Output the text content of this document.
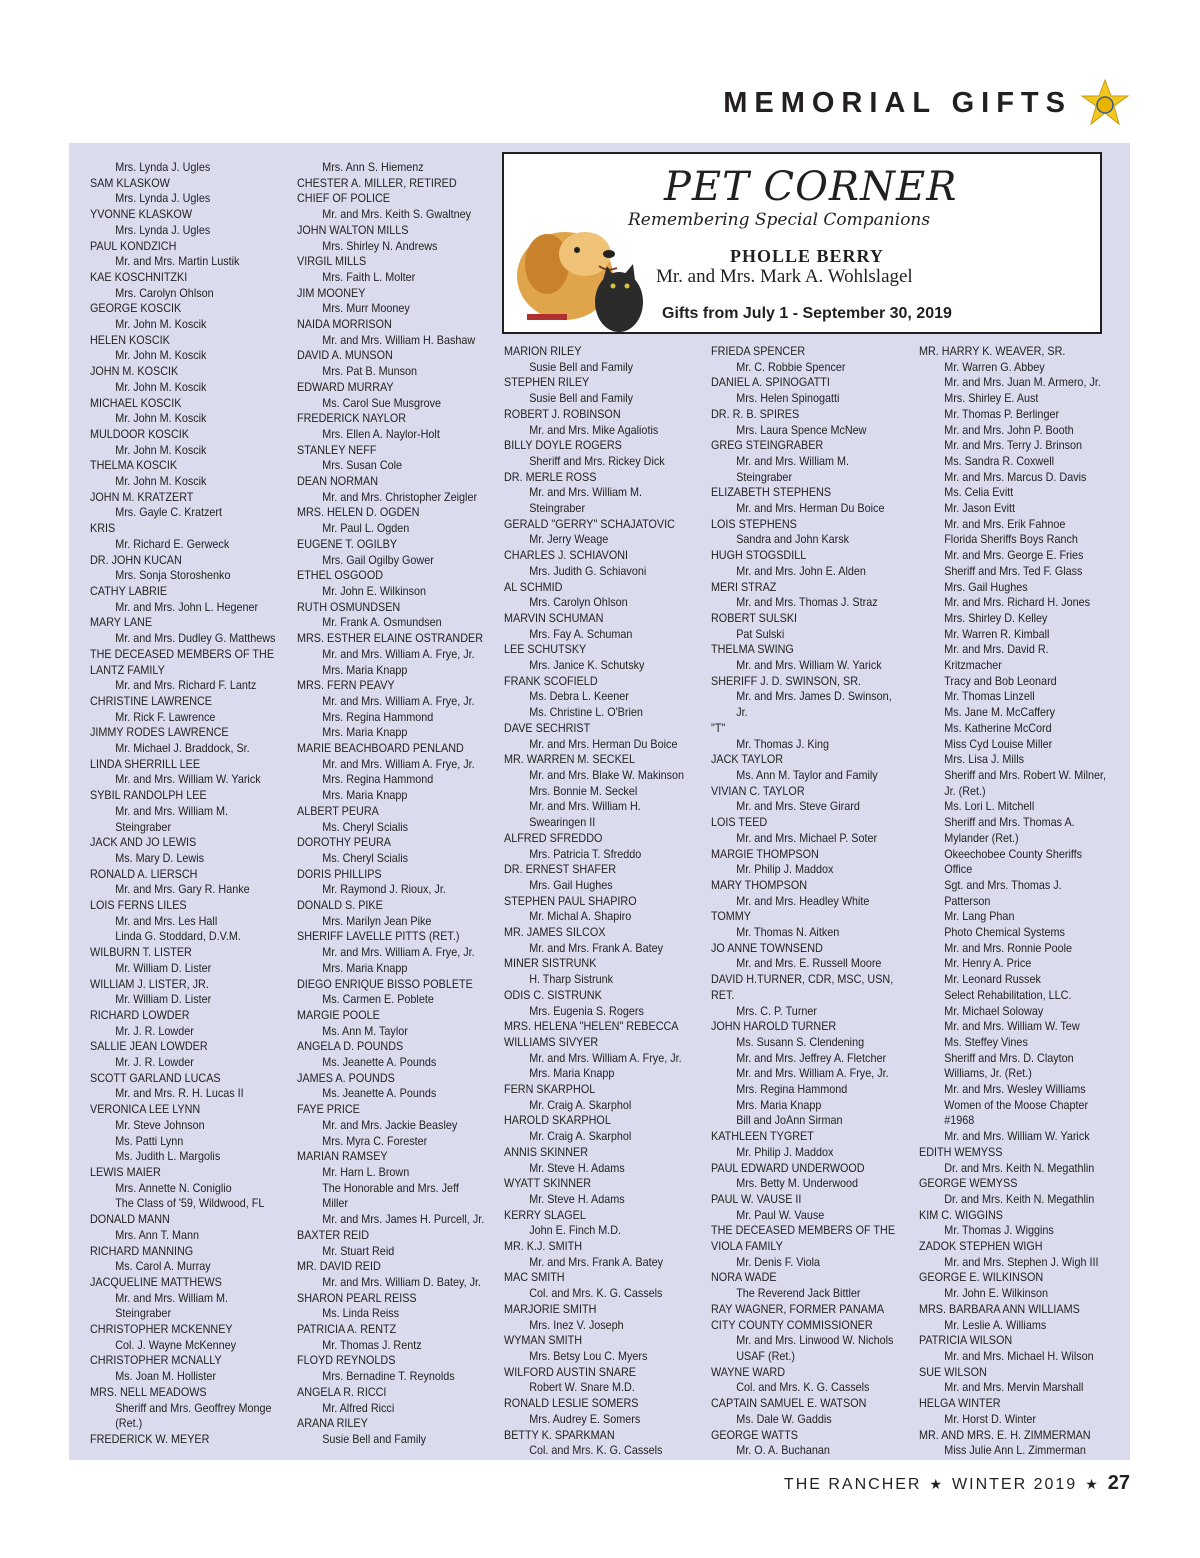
MEMORIAL GIFTS
Mrs. Lynda J. Ugles
SAM KLASKOW
Mrs. Lynda J. Ugles
YVONNE KLASKOW
Mrs. Lynda J. Ugles
PAUL KONDZICH
Mr. and Mrs. Martin Lustik
KAE KOSCHNITZKI
Mrs. Carolyn Ohlson
GEORGE KOSCIK
Mr. John M. Koscik
HELEN KOSCIK
Mr. John M. Koscik
JOHN M. KOSCIK
Mr. John M. Koscik
MICHAEL KOSCIK
Mr. John M. Koscik
MULDOOR KOSCIK
Mr. John M. Koscik
THELMA KOSCIK
Mr. John M. Koscik
JOHN M. KRATZERT
Mrs. Gayle C. Kratzert
KRIS
Mr. Richard E. Gerweck
DR. JOHN KUCAN
Mrs. Sonja Storoshenko
CATHY LABRIE
Mr. and Mrs. John L. Hegener
MARY LANE
Mr. and Mrs. Dudley G. Matthews
THE DECEASED MEMBERS OF THE
LANTZ FAMILY
Mr. and Mrs. Richard F. Lantz
CHRISTINE LAWRENCE
Mr. Rick F. Lawrence
JIMMY RODES LAWRENCE
Mr. Michael J. Braddock, Sr.
LINDA SHERRILL LEE
Mr. and Mrs. William W. Yarick
SYBIL RANDOLPH LEE
Mr. and Mrs. William M.
Steingraber
JACK AND JO LEWIS
Ms. Mary D. Lewis
RONALD A. LIERSCH
Mr. and Mrs. Gary R. Hanke
LOIS FERNS LILES
Mr. and Mrs. Les Hall
Linda G. Stoddard, D.V.M.
WILBURN T. LISTER
Mr. William D. Lister
WILLIAM J. LISTER, JR.
Mr. William D. Lister
RICHARD LOWDER
Mr. J. R. Lowder
SALLIE JEAN LOWDER
Mr. J. R. Lowder
SCOTT GARLAND LUCAS
Mr. and Mrs. R. H. Lucas II
VERONICA LEE LYNN
Mr. Steve Johnson
Ms. Patti Lynn
Ms. Judith L. Margolis
LEWIS MAIER
Mrs. Annette N. Coniglio
The Class of '59, Wildwood, FL
DONALD MANN
Mrs. Ann T. Mann
RICHARD MANNING
Ms. Carol A. Murray
JACQUELINE MATTHEWS
Mr. and Mrs. William M.
Steingraber
CHRISTOPHER MCKENNEY
Col. J. Wayne McKenney
CHRISTOPHER MCNALLY
Ms. Joan M. Hollister
MRS. NELL MEADOWS
Sheriff and Mrs. Geoffrey Monge
(Ret.)
FREDERICK W. MEYER
Mrs. Ann S. Hiemenz
CHESTER A. MILLER, RETIRED
CHIEF OF POLICE
Mr. and Mrs. Keith S. Gwaltney
JOHN WALTON MILLS
Mrs. Shirley N. Andrews
VIRGIL MILLS
Mrs. Faith L. Molter
JIM MOONEY
Mrs. Murr Mooney
NAIDA MORRISON
Mr. and Mrs. William H. Bashaw
DAVID A. MUNSON
Mrs. Pat B. Munson
EDWARD MURRAY
Ms. Carol Sue Musgrove
FREDERICK NAYLOR
Mrs. Ellen A. Naylor-Holt
STANLEY NEFF
Mrs. Susan Cole
DEAN NORMAN
Mr. and Mrs. Christopher Zeigler
MRS. HELEN D. OGDEN
Mr. Paul L. Ogden
EUGENE T. OGILBY
Mrs. Gail Ogilby Gower
ETHEL OSGOOD
Mr. John E. Wilkinson
RUTH OSMUNDSEN
Mr. Frank A. Osmundsen
MRS. ESTHER ELAINE OSTRANDER
Mr. and Mrs. William A. Frye, Jr.
Mrs. Maria Knapp
MRS. FERN PEAVY
Mr. and Mrs. William A. Frye, Jr.
Mrs. Regina Hammond
Mrs. Maria Knapp
MARIE BEACHBOARD PENLAND
Mr. and Mrs. William A. Frye, Jr.
Mrs. Regina Hammond
Mrs. Maria Knapp
ALBERT PEURA
Ms. Cheryl Scialis
DOROTHY PEURA
Ms. Cheryl Scialis
DORIS PHILLIPS
Mr. Raymond J. Rioux, Jr.
DONALD S. PIKE
Mrs. Marilyn Jean Pike
SHERIFF LAVELLE PITTS (RET.)
Mr. and Mrs. William A. Frye, Jr.
Mrs. Maria Knapp
DIEGO ENRIQUE BISSO POBLETE
Ms. Carmen E. Poblete
MARGIE POOLE
Ms. Ann M. Taylor
ANGELA D. POUNDS
Ms. Jeanette A. Pounds
JAMES A. POUNDS
Ms. Jeanette A. Pounds
FAYE PRICE
Mr. and Mrs. Jackie Beasley
Mrs. Myra C. Forester
MARIAN RAMSEY
Mr. Harn L. Brown
The Honorable and Mrs. Jeff
Miller
Mr. and Mrs. James H. Purcell, Jr.
BAXTER REID
Mr. Stuart Reid
MR. DAVID REID
Mr. and Mrs. William D. Batey, Jr.
SHARON PEARL REISS
Ms. Linda Reiss
PATRICIA A. RENTZ
Mr. Thomas J. Rentz
FLOYD REYNOLDS
Mrs. Bernadine T. Reynolds
ANGELA R. RICCI
Mr. Alfred Ricci
ARANA RILEY
Susie Bell and Family
PET CORNER
Remembering Special Companions
PHOLLE BERRY
Mr. and Mrs. Mark A. Wohlslagel
Gifts from July 1 - September 30, 2019
MARION RILEY
Susie Bell and Family
STEPHEN RILEY
Susie Bell and Family
ROBERT J. ROBINSON
Mr. and Mrs. Mike Agaliotis
BILLY DOYLE ROGERS
Sheriff and Mrs. Rickey Dick
DR. MERLE ROSS
Mr. and Mrs. William M.
Steingraber
GERALD "GERRY" SCHAJATOVIC
Mr. Jerry Weage
CHARLES J. SCHIAVONI
Mrs. Judith G. Schiavoni
AL SCHMID
Mrs. Carolyn Ohlson
MARVIN SCHUMAN
Mrs. Fay A. Schuman
LEE SCHUTSKY
Mrs. Janice K. Schutsky
FRANK SCOFIELD
Ms. Debra L. Keener
Ms. Christine L. O'Brien
DAVE SECHRIST
Mr. and Mrs. Herman Du Boice
MR. WARREN M. SECKEL
Mr. and Mrs. Blake W. Makinson
Mrs. Bonnie M. Seckel
Mr. and Mrs. William H.
Swearingen II
ALFRED SFREDDO
Mrs. Patricia T. Sfreddo
DR. ERNEST SHAFER
Mrs. Gail Hughes
STEPHEN PAUL SHAPIRO
Mr. Michal A. Shapiro
MR. JAMES SILCOX
Mr. and Mrs. Frank A. Batey
MINER SISTRUNK
H. Tharp Sistrunk
ODIS C. SISTRUNK
Mrs. Eugenia S. Rogers
MRS. HELENA "HELEN" REBECCA
WILLIAMS SIVYER
Mr. and Mrs. William A. Frye, Jr.
Mrs. Maria Knapp
FERN SKARPHOL
Mr. Craig A. Skarphol
HAROLD SKARPHOL
Mr. Craig A. Skarphol
ANNIS SKINNER
Mr. Steve H. Adams
WYATT SKINNER
Mr. Steve H. Adams
KERRY SLAGEL
John E. Finch M.D.
MR. K.J. SMITH
Mr. and Mrs. Frank A. Batey
MAC SMITH
Col. and Mrs. K. G. Cassels
MARJORIE SMITH
Mrs. Inez V. Joseph
WYMAN SMITH
Mrs. Betsy Lou C. Myers
WILFORD AUSTIN SNARE
Robert W. Snare M.D.
RONALD LESLIE SOMERS
Mrs. Audrey E. Somers
BETTY K. SPARKMAN
Col. and Mrs. K. G. Cassels
FRIEDA SPENCER
Mr. C. Robbie Spencer
DANIEL A. SPINOGATTI
Mrs. Helen Spinogatti
DR. R. B. SPIRES
Mrs. Laura Spence McNew
GREG STEINGRABER
Mr. and Mrs. William M.
Steingraber
ELIZABETH STEPHENS
Mr. and Mrs. Herman Du Boice
LOIS STEPHENS
Sandra and John Karsk
HUGH STOGSDILL
Mr. and Mrs. John E. Alden
MERI STRAZ
Mr. and Mrs. Thomas J. Straz
ROBERT SULSKI
Pat Sulski
THELMA SWING
Mr. and Mrs. William W. Yarick
SHERIFF J. D. SWINSON, SR.
Mr. and Mrs. James D. Swinson,
Jr.
"T"
Mr. Thomas J. King
JACK TAYLOR
Ms. Ann M. Taylor and Family
VIVIAN C. TAYLOR
Mr. and Mrs. Steve Girard
LOIS TEED
Mr. and Mrs. Michael P. Soter
MARGIE THOMPSON
Mr. Philip J. Maddox
MARY THOMPSON
Mr. and Mrs. Headley White
TOMMY
Mr. Thomas N. Aitken
JO ANNE TOWNSEND
Mr. and Mrs. E. Russell Moore
DAVID H.TURNER, CDR, MSC, USN,
RET.
Mrs. C. P. Turner
JOHN HAROLD TURNER
Ms. Susann S. Clendening
Mr. and Mrs. Jeffrey A. Fletcher
Mr. and Mrs. William A. Frye, Jr.
Mrs. Regina Hammond
Mrs. Maria Knapp
Bill and JoAnn Sirman
KATHLEEN TYGRET
Mr. Philip J. Maddox
PAUL EDWARD UNDERWOOD
Mrs. Betty M. Underwood
PAUL W. VAUSE II
Mr. Paul W. Vause
THE DECEASED MEMBERS OF THE
VIOLA FAMILY
Mr. Denis F. Viola
NORA WADE
The Reverend Jack Bittler
RAY WAGNER, FORMER PANAMA
CITY COUNTY COMMISSIONER
Mr. and Mrs. Linwood W. Nichols
USAF (Ret.)
WAYNE WARD
Col. and Mrs. K. G. Cassels
CAPTAIN SAMUEL E. WATSON
Ms. Dale W. Gaddis
GEORGE WATTS
Mr. O. A. Buchanan
MR. HARRY K. WEAVER, SR.
Mr. Warren G. Abbey
Mr. and Mrs. Juan M. Armero, Jr.
Mrs. Shirley E. Aust
Mr. Thomas P. Berlinger
Mr. and Mrs. John P. Booth
Mr. and Mrs. Terry J. Brinson
Ms. Sandra R. Coxwell
Mr. and Mrs. Marcus D. Davis
Ms. Celia Evitt
Mr. Jason Evitt
Mr. and Mrs. Erik Fahnoe
Florida Sheriffs Boys Ranch
Mr. and Mrs. George E. Fries
Sheriff and Mrs. Ted F. Glass
Mrs. Gail Hughes
Mr. and Mrs. Richard H. Jones
Mrs. Shirley D. Kelley
Mr. Warren R. Kimball
Mr. and Mrs. David R.
Kritzmacher
Tracy and Bob Leonard
Mr. Thomas Linzell
Ms. Jane M. McCaffery
Ms. Katherine McCord
Miss Cyd Louise Miller
Mrs. Lisa J. Mills
Sheriff and Mrs. Robert W. Milner,
Jr. (Ret.)
Ms. Lori L. Mitchell
Sheriff and Mrs. Thomas A.
Mylander (Ret.)
Okeechobee County Sheriffs
Office
Sgt. and Mrs. Thomas J.
Patterson
Mr. Lang Phan
Photo Chemical Systems
Mr. and Mrs. Ronnie Poole
Mr. Henry A. Price
Mr. Leonard Russek
Select Rehabilitation, LLC.
Mr. Michael Soloway
Mr. and Mrs. William W. Tew
Ms. Steffey Vines
Sheriff and Mrs. D. Clayton
Williams, Jr. (Ret.)
Mr. and Mrs. Wesley Williams
Women of the Moose Chapter
#1968
Mr. and Mrs. William W. Yarick
EDITH WEMYSS
Dr. and Mrs. Keith N. Megathlin
GEORGE WEMYSS
Dr. and Mrs. Keith N. Megathlin
KIM C. WIGGINS
Mr. Thomas J. Wiggins
ZADOK STEPHEN WIGH
Mr. and Mrs. Stephen J. Wigh III
GEORGE E. WILKINSON
Mr. John E. Wilkinson
MRS. BARBARA ANN WILLIAMS
Mr. Leslie A. Williams
PATRICIA WILSON
Mr. and Mrs. Michael H. Wilson
SUE WILSON
Mr. and Mrs. Mervin Marshall
HELGA WINTER
Mr. Horst D. Winter
MR. AND MRS. E. H. ZIMMERMAN
Miss Julie Ann L. Zimmerman
THE RANCHER ★ WINTER 2019 ★ 27
